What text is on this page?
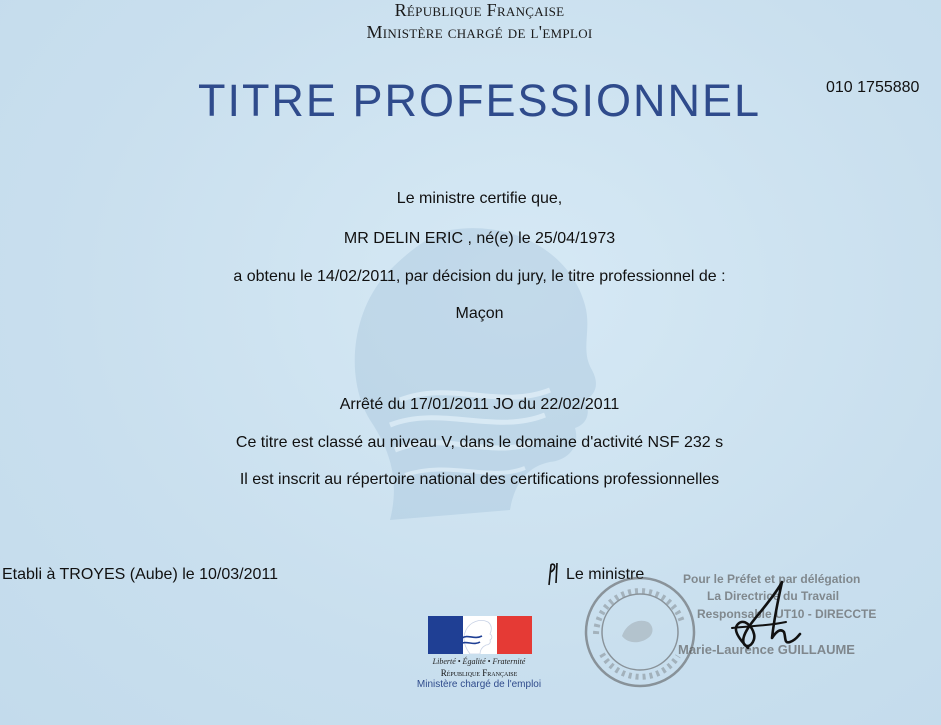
République Française
Ministère chargé de l'emploi
TITRE PROFESSIONNEL	010 1755880
Le ministre certifie que,
MR DELIN ERIC , né(e) le 25/04/1973
a obtenu le 14/02/2011, par décision du jury, le titre professionnel de :
Maçon
Arrêté du 17/01/2011 JO du 22/02/2011
Ce titre est classé au niveau V, dans le domaine d'activité NSF 232 s
Il est inscrit au répertoire national des certifications professionnelles
Etabli à TROYES (Aube) le 10/03/2011	Le ministre
Liberté • Égalité • Fraternité
République Française
Ministère chargé de l'emploi
Pour le Préfet et par délégation
La Directrice du Travail
Responsable UT10 - DIRECCTE
Marie-Laurence GUILLAUME
